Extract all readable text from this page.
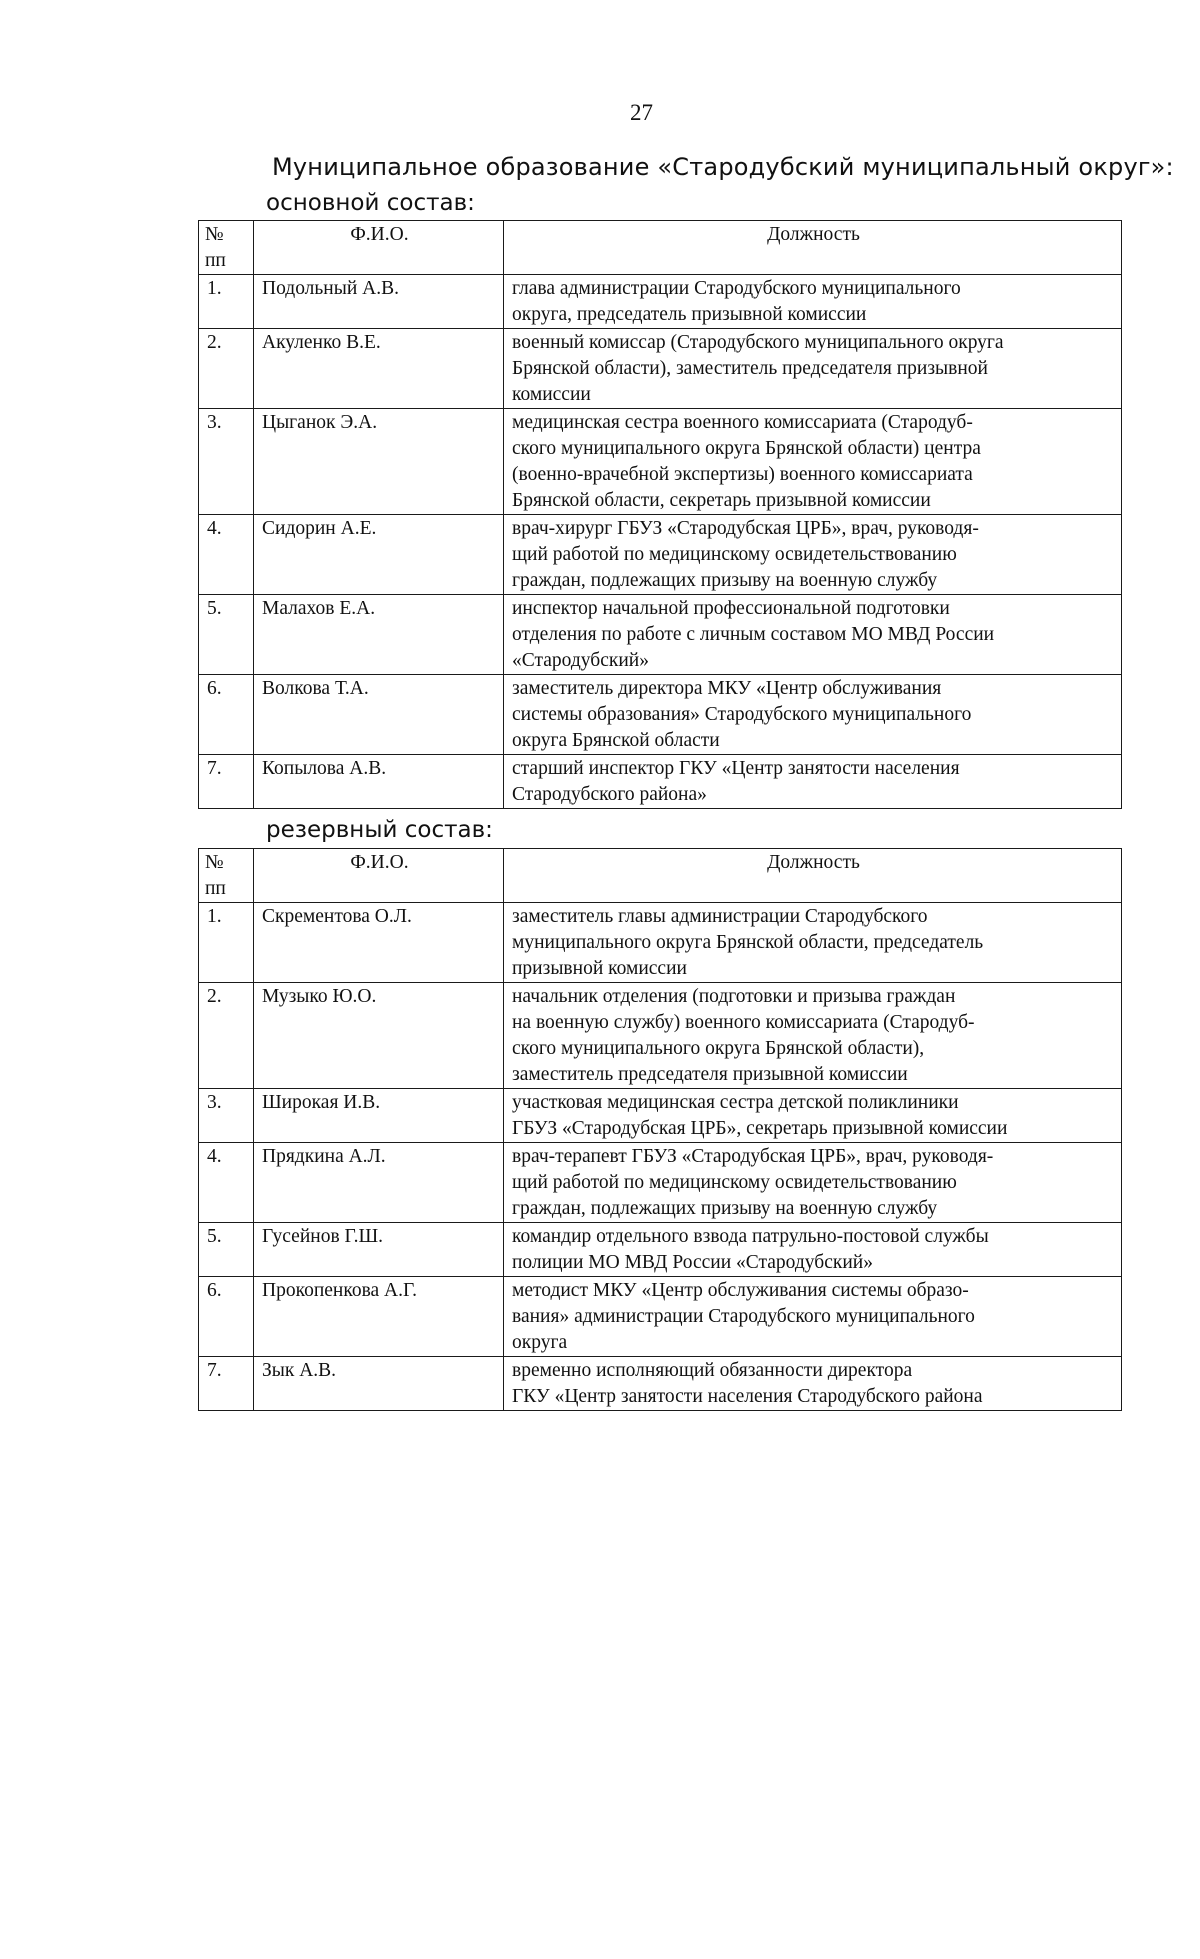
27
Муниципальное образование «Стародубский муниципальный округ»:
основной состав:
№
пп	Ф.И.О.	Должность
1.	Подольный А.В.	глава администрации Стародубского муниципального
округа, председатель призывной комиссии
2.	Акуленко В.Е.	военный комиссар (Стародубского муниципального округа
Брянской области), заместитель председателя призывной
комиссии
3.	Цыганок Э.А.	медицинская сестра военного комиссариата (Стародуб-
ского муниципального округа Брянской области) центра
(военно-врачебной экспертизы) военного комиссариата
Брянской области, секретарь призывной комиссии
4.	Сидорин А.Е.	врач-хирург ГБУЗ «Стародубская ЦРБ», врач, руководя-
щий работой по медицинскому освидетельствованию
граждан, подлежащих призыву на военную службу
5.	Малахов Е.А.	инспектор начальной профессиональной подготовки
отделения по работе с личным составом МО МВД России
«Стародубский»
6.	Волкова Т.А.	заместитель директора МКУ «Центр обслуживания
системы образования» Стародубского муниципального
округа Брянской области
7.	Копылова А.В.	старший инспектор ГКУ «Центр занятости населения
Стародубского района»
резервный состав:
№
пп	Ф.И.О.	Должность
1.	Скрементова О.Л.	заместитель главы администрации Стародубского
муниципального округа Брянской области, председатель
призывной комиссии
2.	Музыко Ю.О.	начальник отделения (подготовки и призыва граждан
на военную службу) военного комиссариата (Стародуб-
ского муниципального округа Брянской области),
заместитель председателя призывной комиссии
3.	Широкая И.В.	участковая медицинская сестра детской поликлиники
ГБУЗ «Стародубская ЦРБ», секретарь призывной комиссии
4.	Прядкина А.Л.	врач-терапевт ГБУЗ «Стародубская ЦРБ», врач, руководя-
щий работой по медицинскому освидетельствованию
граждан, подлежащих призыву на военную службу
5.	Гусейнов Г.Ш.	командир отдельного взвода патрульно-постовой службы
полиции МО МВД России «Стародубский»
6.	Прокопенкова А.Г.	методист МКУ «Центр обслуживания системы образо-
вания» администрации Стародубского муниципального
округа
7.	Зык А.В.	временно исполняющий обязанности директора
ГКУ «Центр занятости населения Стародубского района
